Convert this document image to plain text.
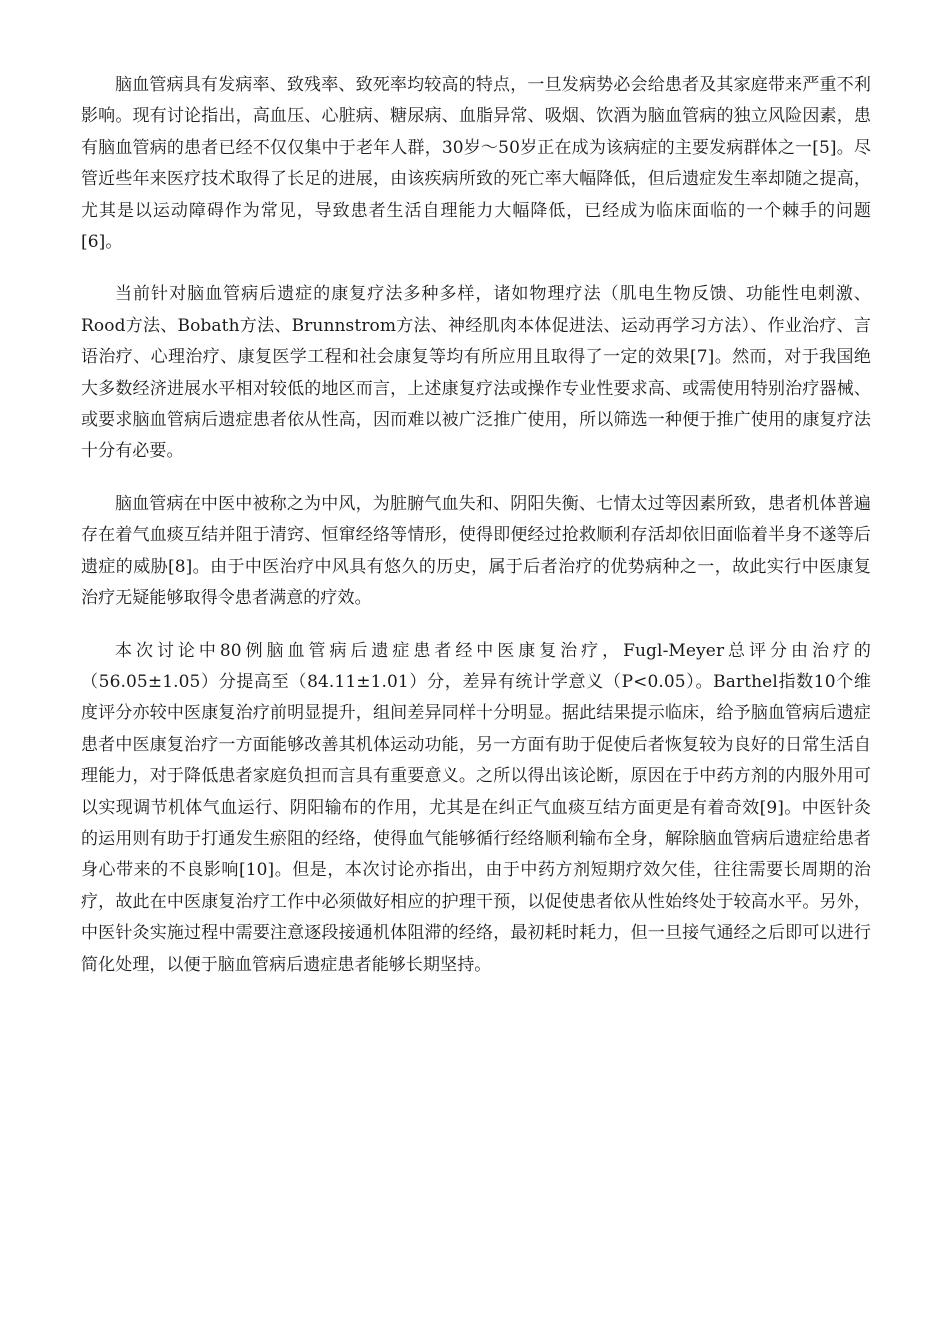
脑血管病具有发病率、致残率、致死率均较高的特点，一旦发病势必会给患者及其家庭带来严重不利影响。现有讨论指出，高血压、心脏病、糖尿病、血脂异常、吸烟、饮酒为脑血管病的独立风险因素，患有脑血管病的患者已经不仅仅集中于老年人群，30岁～50岁正在成为该病症的主要发病群体之一[5]。尽管近些年来医疗技术取得了长足的进展，由该疾病所致的死亡率大幅降低，但后遗症发生率却随之提高，尤其是以运动障碍作为常见，导致患者生活自理能力大幅降低，已经成为临床面临的一个棘手的问题[6]。

当前针对脑血管病后遗症的康复疗法多种多样，诸如物理疗法（肌电生物反馈、功能性电刺激、Rood方法、Bobath方法、Brunnstrom方法、神经肌肉本体促进法、运动再学习方法）、作业治疗、言语治疗、心理治疗、康复医学工程和社会康复等均有所应用且取得了一定的效果[7]。然而，对于我国绝大多数经济进展水平相对较低的地区而言，上述康复疗法或操作专业性要求高、或需使用特别治疗器械、或要求脑血管病后遗症患者依从性高，因而难以被广泛推广使用，所以筛选一种便于推广使用的康复疗法十分有必要。

脑血管病在中医中被称之为中风，为脏腑气血失和、阴阳失衡、七情太过等因素所致，患者机体普遍存在着气血痰互结并阻于清窍、恒窜经络等情形，使得即便经过抢救顺利存活却依旧面临着半身不遂等后遗症的威胁[8]。由于中医治疗中风具有悠久的历史，属于后者治疗的优势病种之一，故此实行中医康复治疗无疑能够取得令患者满意的疗效。

本次讨论中80例脑血管病后遗症患者经中医康复治疗，Fugl-Meyer总评分由治疗的（56.05±1.05）分提高至（84.11±1.01）分，差异有统计学意义（P<0.05）。Barthel指数10个维度评分亦较中医康复治疗前明显提升，组间差异同样十分明显。据此结果提示临床，给予脑血管病后遗症患者中医康复治疗一方面能够改善其机体运动功能，另一方面有助于促使后者恢复较为良好的日常生活自理能力，对于降低患者家庭负担而言具有重要意义。之所以得出该论断，原因在于中药方剂的内服外用可以实现调节机体气血运行、阴阳输布的作用，尤其是在纠正气血痰互结方面更是有着奇效[9]。中医针灸的运用则有助于打通发生瘀阻的经络，使得血气能够循行经络顺利输布全身，解除脑血管病后遗症给患者身心带来的不良影响[10]。但是，本次讨论亦指出，由于中药方剂短期疗效欠佳，往往需要长周期的治疗，故此在中医康复治疗工作中必须做好相应的护理干预，以促使患者依从性始终处于较高水平。另外，中医针灸实施过程中需要注意逐段接通机体阻滞的经络，最初耗时耗力，但一旦接气通经之后即可以进行简化处理，以便于脑血管病后遗症患者能够长期坚持。
